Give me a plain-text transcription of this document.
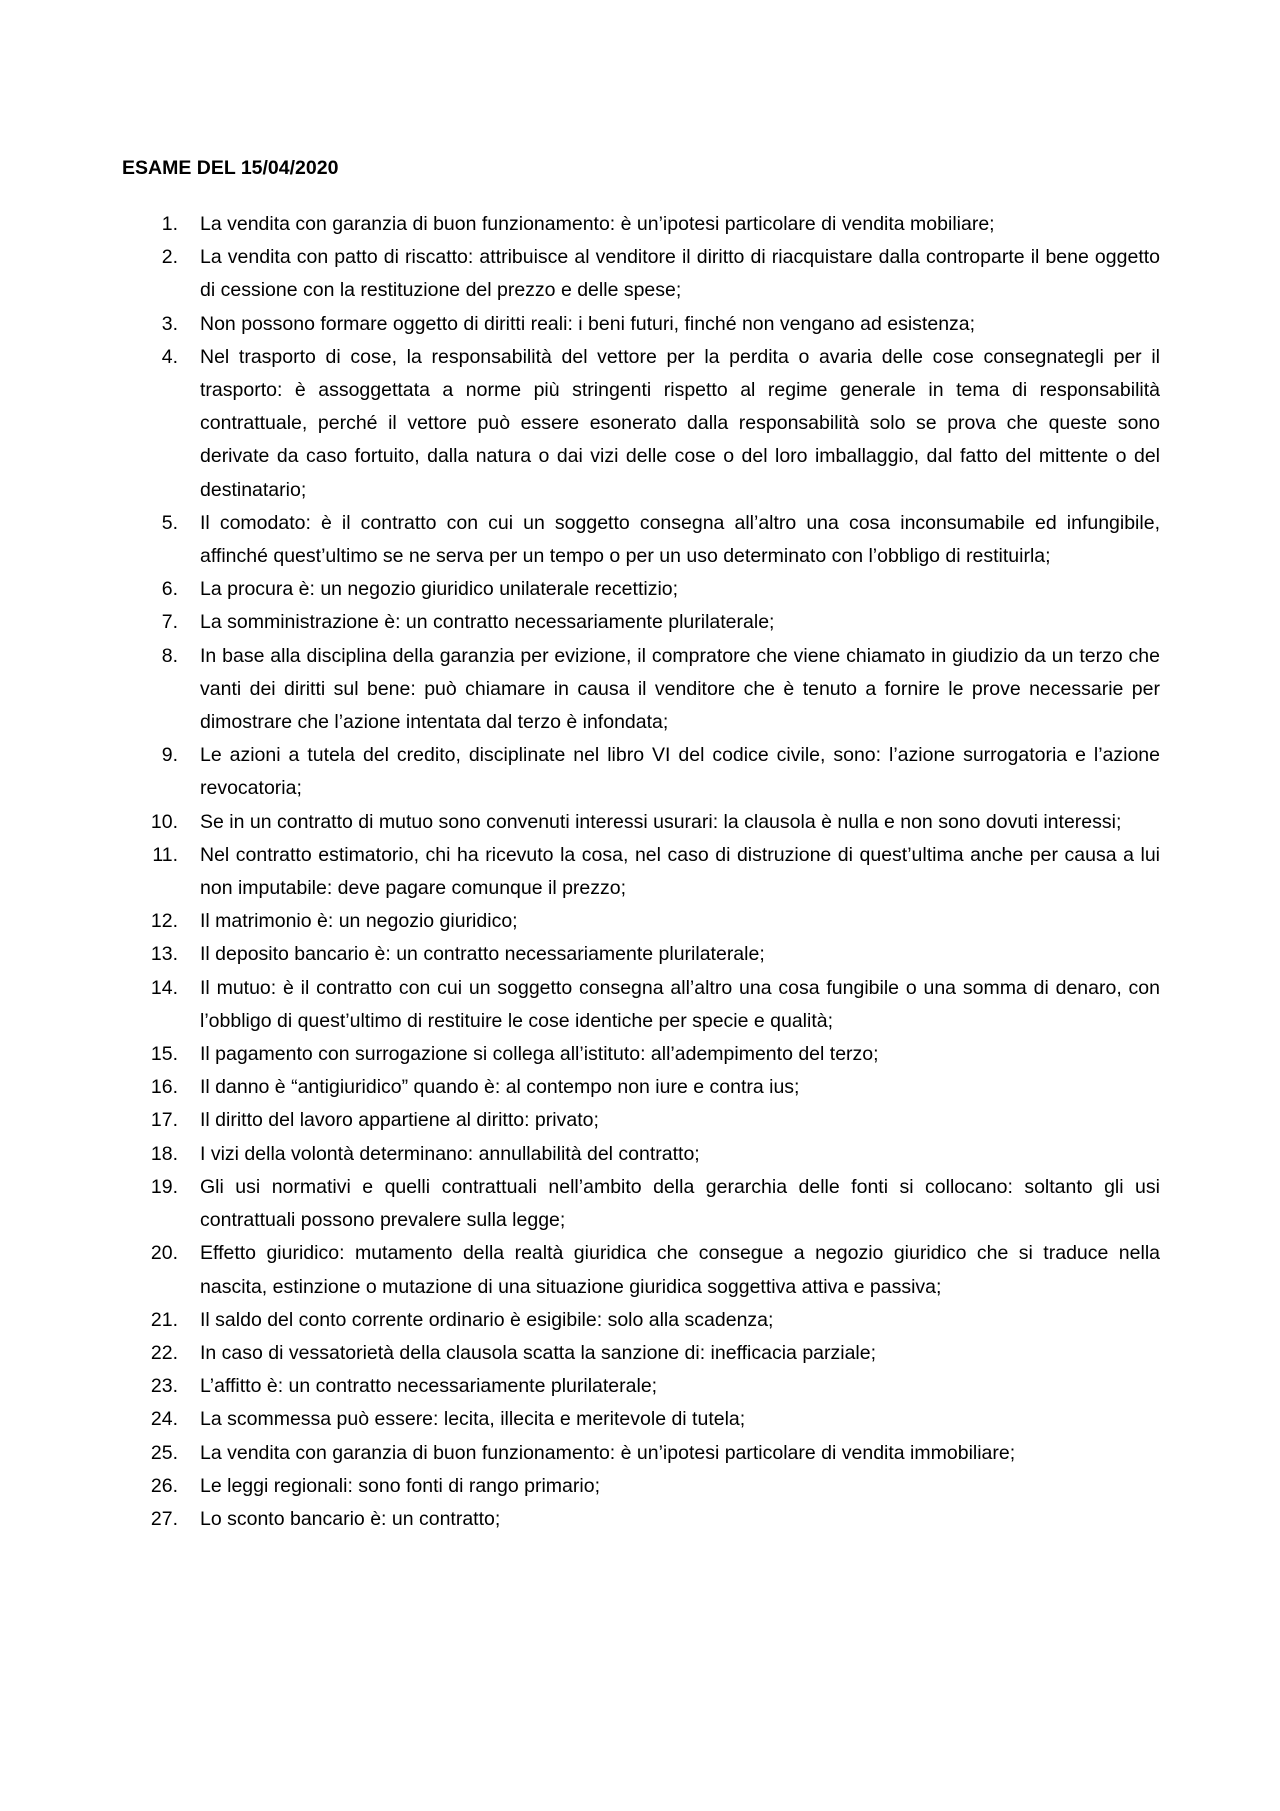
ESAME DEL 15/04/2020
1. La vendita con garanzia di buon funzionamento: è un’ipotesi particolare di vendita mobiliare;
2. La vendita con patto di riscatto: attribuisce al venditore il diritto di riacquistare dalla controparte il bene oggetto di cessione con la restituzione del prezzo e delle spese;
3. Non possono formare oggetto di diritti reali: i beni futuri, finché non vengano ad esistenza;
4. Nel trasporto di cose, la responsabilità del vettore per la perdita o avaria delle cose consegnategli per il trasporto: è assoggettata a norme più stringenti rispetto al regime generale in tema di responsabilità contrattuale, perché il vettore può essere esonerato dalla responsabilità solo se prova che queste sono derivate da caso fortuito, dalla natura o dai vizi delle cose o del loro imballaggio, dal fatto del mittente o del destinatario;
5. Il comodato: è il contratto con cui un soggetto consegna all’altro una cosa inconsumabile ed infungibile, affinché quest’ultimo se ne serva per un tempo o per un uso determinato con l’obbligo di restituirla;
6. La procura è: un negozio giuridico unilaterale recettizio;
7. La somministrazione è: un contratto necessariamente plurilaterale;
8. In base alla disciplina della garanzia per evizione, il compratore che viene chiamato in giudizio da un terzo che vanti dei diritti sul bene: può chiamare in causa il venditore che è tenuto a fornire le prove necessarie per dimostrare che l’azione intentata dal terzo è infondata;
9. Le azioni a tutela del credito, disciplinate nel libro VI del codice civile, sono: l’azione surrogatoria e l’azione revocatoria;
10. Se in un contratto di mutuo sono convenuti interessi usurari: la clausola è nulla e non sono dovuti interessi;
11. Nel contratto estimatorio, chi ha ricevuto la cosa, nel caso di distruzione di quest’ultima anche per causa a lui non imputabile: deve pagare comunque il prezzo;
12. Il matrimonio è: un negozio giuridico;
13. Il deposito bancario è: un contratto necessariamente plurilaterale;
14. Il mutuo: è il contratto con cui un soggetto consegna all’altro una cosa fungibile o una somma di denaro, con l’obbligo di quest’ultimo di restituire le cose identiche per specie e qualità;
15. Il pagamento con surrogazione si collega all’istituto: all’adempimento del terzo;
16. Il danno è “antigiuridico” quando è: al contempo non iure e contra ius;
17. Il diritto del lavoro appartiene al diritto: privato;
18. I vizi della volontà determinano: annullabilità del contratto;
19. Gli usi normativi e quelli contrattuali nell’ambito della gerarchia delle fonti si collocano: soltanto gli usi contrattuali possono prevalere sulla legge;
20. Effetto giuridico: mutamento della realtà giuridica che consegue a negozio giuridico che si traduce nella nascita, estinzione o mutazione di una situazione giuridica soggettiva attiva e passiva;
21. Il saldo del conto corrente ordinario è esigibile: solo alla scadenza;
22. In caso di vessatorietà della clausola scatta la sanzione di: inefficacia parziale;
23. L’affitto è: un contratto necessariamente plurilaterale;
24. La scommessa può essere: lecita, illecita e meritevole di tutela;
25. La vendita con garanzia di buon funzionamento: è un’ipotesi particolare di vendita immobiliare;
26. Le leggi regionali: sono fonti di rango primario;
27. Lo sconto bancario è: un contratto;
